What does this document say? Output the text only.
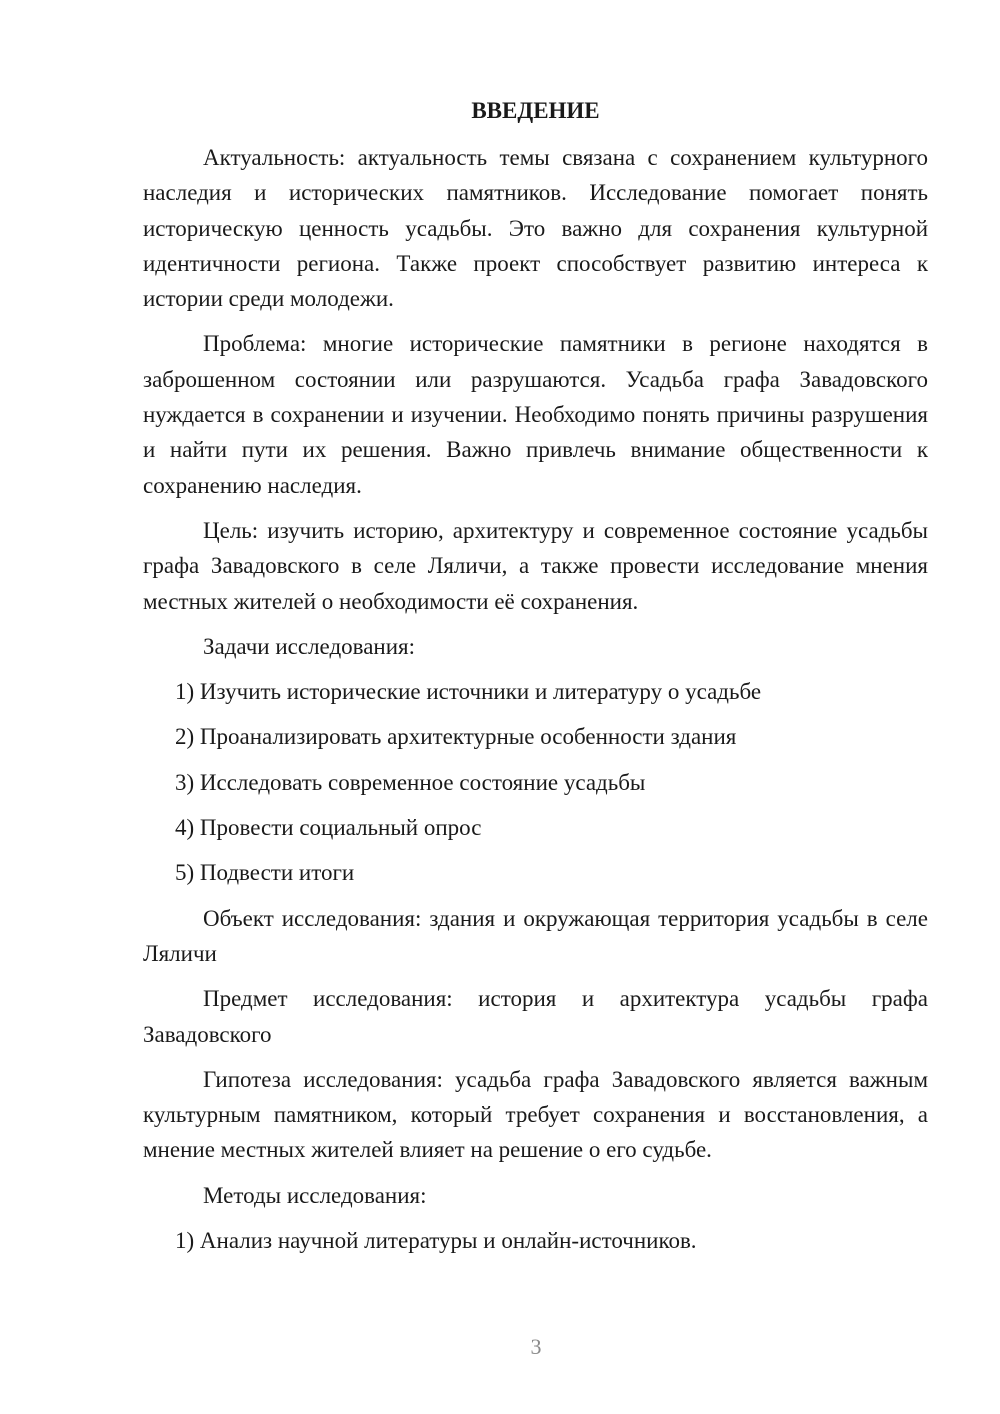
ВВЕДЕНИЕ

Актуальность: актуальность темы связана с сохранением культурного наследия и исторических памятников. Исследование помогает понять историческую ценность усадьбы. Это важно для сохранения культурной идентичности региона. Также проект способствует развитию интереса к истории среди молодежи.

Проблема: многие исторические памятники в регионе находятся в заброшенном состоянии или разрушаются. Усадьба графа Завадовского нуждается в сохранении и изучении. Необходимо понять причины разрушения и найти пути их решения. Важно привлечь внимание общественности к сохранению наследия.

Цель: изучить историю, архитектуру и современное состояние усадьбы графа Завадовского в селе Ляличи, а также провести исследование мнения местных жителей о необходимости её сохранения.

Задачи исследования:

1) Изучить исторические источники и литературу о усадьбе
2) Проанализировать архитектурные особенности здания
3) Исследовать современное состояние усадьбы
4) Провести социальный опрос
5) Подвести итоги

Объект исследования: здания и окружающая территория усадьбы в селе Ляличи

Предмет исследования: история и архитектура усадьбы графа Завадовского

Гипотеза исследования: усадьба графа Завадовского является важным культурным памятником, который требует сохранения и восстановления, а мнение местных жителей влияет на решение о его судьбе.

Методы исследования:

1) Анализ научной литературы и онлайн-источников.
3
